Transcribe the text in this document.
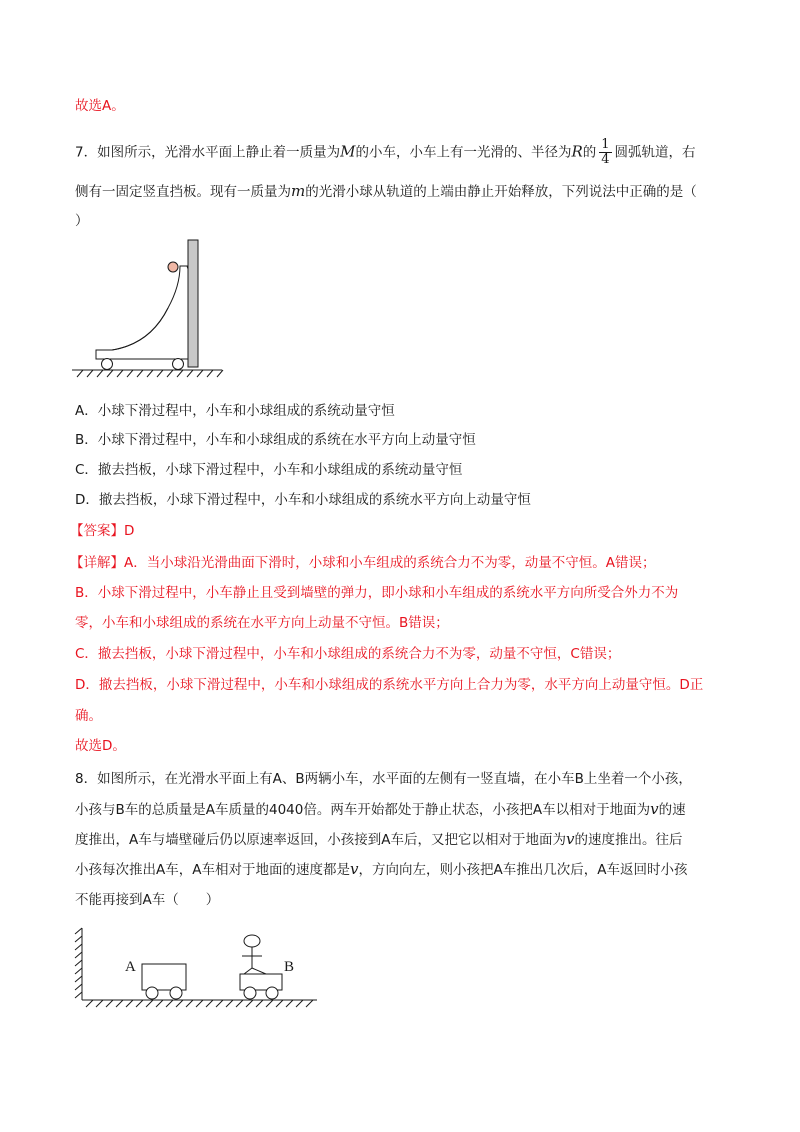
故选A。
7．如图所示，光滑水平面上静止着一质量为M的小车，小车上有一光滑的、半径为R的 $\frac{1}{4}$ 圆弧轨道，右
侧有一固定竖直挡板。现有一质量为m的光滑小球从轨道的上端由静止开始释放，下列说法中正确的是（
）
A．小球下滑过程中，小车和小球组成的系统动量守恒
B．小球下滑过程中，小车和小球组成的系统在水平方向上动量守恒
C．撤去挡板，小球下滑过程中，小车和小球组成的系统动量守恒
D．撤去挡板，小球下滑过程中，小车和小球组成的系统水平方向上动量守恒
【答案】D
【详解】A．当小球沿光滑曲面下滑时，小球和小车组成的系统合力不为零，动量不守恒。A错误；
B．小球下滑过程中，小车静止且受到墙壁的弹力，即小球和小车组成的系统水平方向所受合外力不为
零，小车和小球组成的系统在水平方向上动量不守恒。B错误；
C．撤去挡板，小球下滑过程中，小车和小球组成的系统合力不为零，动量不守恒，C错误；
D．撤去挡板，小球下滑过程中，小车和小球组成的系统水平方向上合力为零，水平方向上动量守恒。D正
确。
故选D。
8．如图所示，在光滑水平面上有A、B两辆小车，水平面的左侧有一竖直墙，在小车B上坐着一个小孩，
小孩与B车的总质量是A车质量的4040倍。两车开始都处于静止状态，小孩把A车以相对于地面为v的速
度推出，A车与墙壁碰后仍以原速率返回，小孩接到A车后，又把它以相对于地面为v的速度推出。往后
小孩每次推出A车，A车相对于地面的速度都是v，方向向左，则小孩把A车推出几次后，A车返回时小孩
不能再接到A车（　　）
A	B
